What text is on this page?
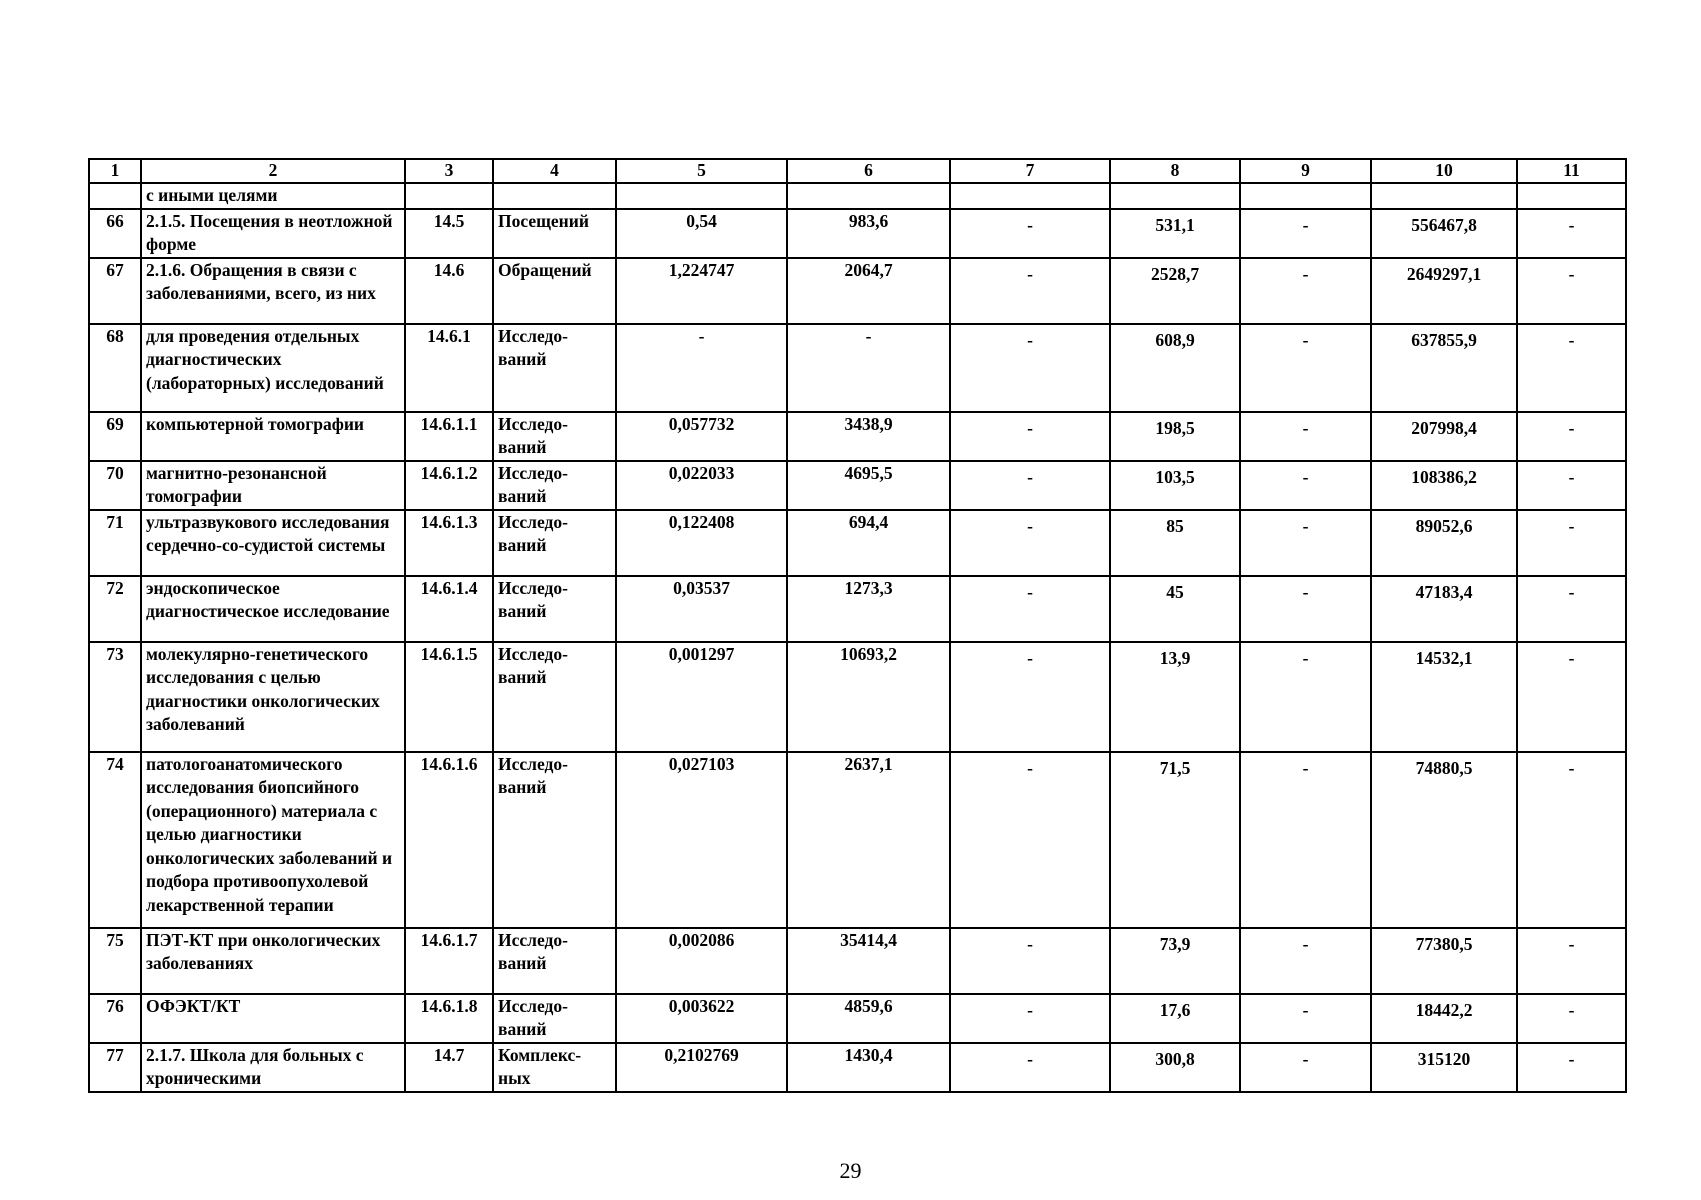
1	2	3	4	5	6	7	8	9	10	11
	с иными целями									
66	2.1.5. Посещения в неотложной форме	14.5	Посещений	0,54	983,6	-	531,1	-	556467,8	-
67	2.1.6. Обращения в связи с заболеваниями, всего, из них	14.6	Обращений	1,224747	2064,7	-	2528,7	-	2649297,1	-
68	для проведения отдельных диагностических (лабораторных) исследований	14.6.1	Исследо-ваний	-	-	-	608,9	-	637855,9	-
69	компьютерной томографии	14.6.1.1	Исследо-ваний	0,057732	3438,9	-	198,5	-	207998,4	-
70	магнитно-резонансной томографии	14.6.1.2	Исследо-ваний	0,022033	4695,5	-	103,5	-	108386,2	-
71	ультразвукового исследования сердечно-со-судистой системы	14.6.1.3	Исследо-ваний	0,122408	694,4	-	85	-	89052,6	-
72	эндоскопическое диагностическое исследование	14.6.1.4	Исследо-ваний	0,03537	1273,3	-	45	-	47183,4	-
73	молекулярно-генетического исследования с целью диагностики онкологических заболеваний	14.6.1.5	Исследо-ваний	0,001297	10693,2	-	13,9	-	14532,1	-
74	патологоанатомического исследования биопсийного (операционного) материала с целью диагностики онкологических заболеваний и подбора противоопухолевой лекарственной терапии	14.6.1.6	Исследо-ваний	0,027103	2637,1	-	71,5	-	74880,5	-
75	ПЭТ-КТ при онкологических заболеваниях	14.6.1.7	Исследо-ваний	0,002086	35414,4	-	73,9	-	77380,5	-
76	ОФЭКТ/КТ	14.6.1.8	Исследо-ваний	0,003622	4859,6	-	17,6	-	18442,2	-
77	2.1.7. Школа для больных с хроническими	14.7	Комплекс-ных	0,2102769	1430,4	-	300,8	-	315120	-
29
